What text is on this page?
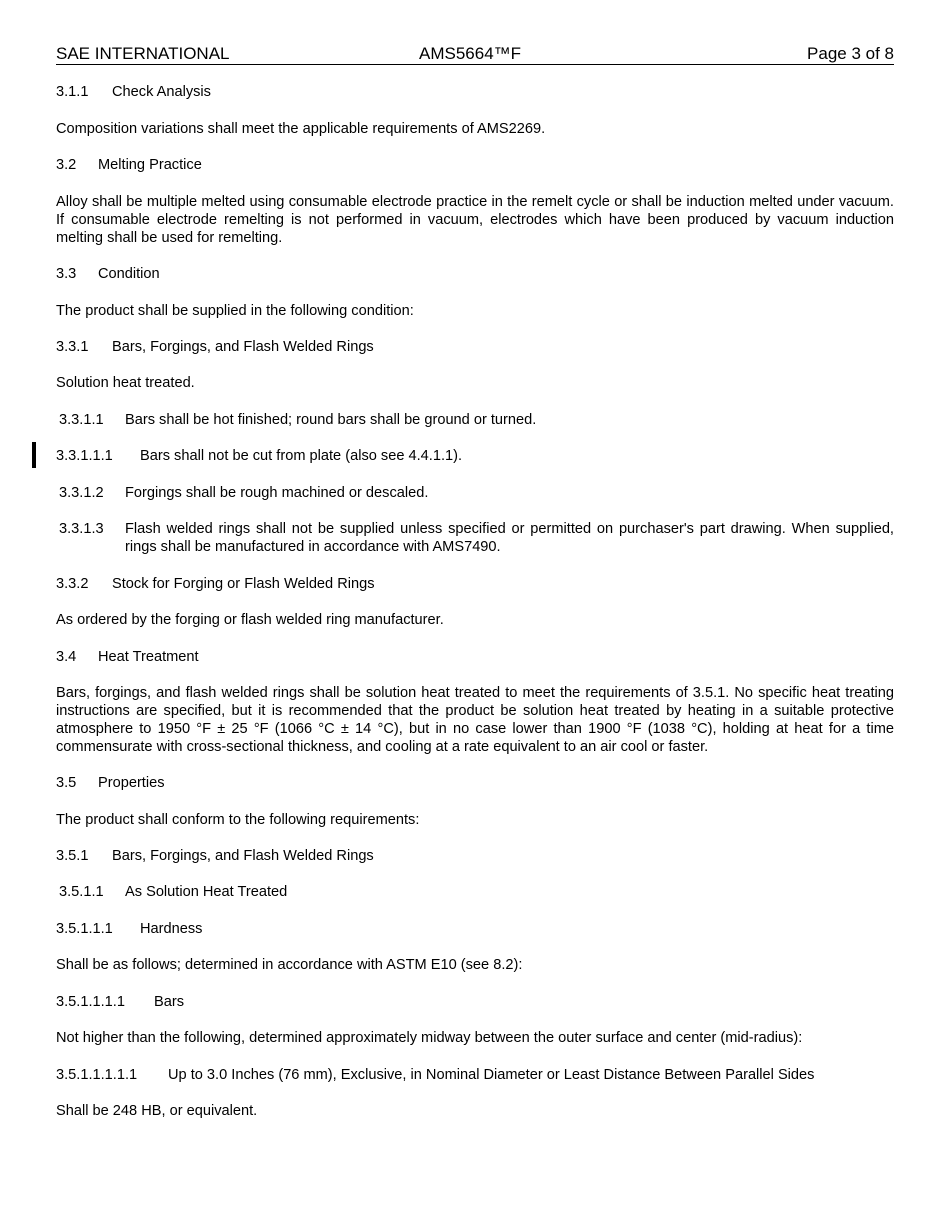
SAE INTERNATIONAL	AMS5664™F	Page 3 of 8
3.1.1 Check Analysis
Composition variations shall meet the applicable requirements of AMS2269.
3.2 Melting Practice
Alloy shall be multiple melted using consumable electrode practice in the remelt cycle or shall be induction melted under vacuum. If consumable electrode remelting is not performed in vacuum, electrodes which have been produced by vacuum induction melting shall be used for remelting.
3.3 Condition
The product shall be supplied in the following condition:
3.3.1 Bars, Forgings, and Flash Welded Rings
Solution heat treated.
3.3.1.1 Bars shall be hot finished; round bars shall be ground or turned.
3.3.1.1.1 Bars shall not be cut from plate (also see 4.4.1.1).
3.3.1.2 Forgings shall be rough machined or descaled.
3.3.1.3 Flash welded rings shall not be supplied unless specified or permitted on purchaser's part drawing. When supplied, rings shall be manufactured in accordance with AMS7490.
3.3.2 Stock for Forging or Flash Welded Rings
As ordered by the forging or flash welded ring manufacturer.
3.4 Heat Treatment
Bars, forgings, and flash welded rings shall be solution heat treated to meet the requirements of 3.5.1. No specific heat treating instructions are specified, but it is recommended that the product be solution heat treated by heating in a suitable protective atmosphere to 1950 °F ± 25 °F (1066 °C ± 14 °C), but in no case lower than 1900 °F (1038 °C), holding at heat for a time commensurate with cross-sectional thickness, and cooling at a rate equivalent to an air cool or faster.
3.5 Properties
The product shall conform to the following requirements:
3.5.1 Bars, Forgings, and Flash Welded Rings
3.5.1.1 As Solution Heat Treated
3.5.1.1.1 Hardness
Shall be as follows; determined in accordance with ASTM E10 (see 8.2):
3.5.1.1.1.1 Bars
Not higher than the following, determined approximately midway between the outer surface and center (mid-radius):
3.5.1.1.1.1.1 Up to 3.0 Inches (76 mm), Exclusive, in Nominal Diameter or Least Distance Between Parallel Sides
Shall be 248 HB, or equivalent.
